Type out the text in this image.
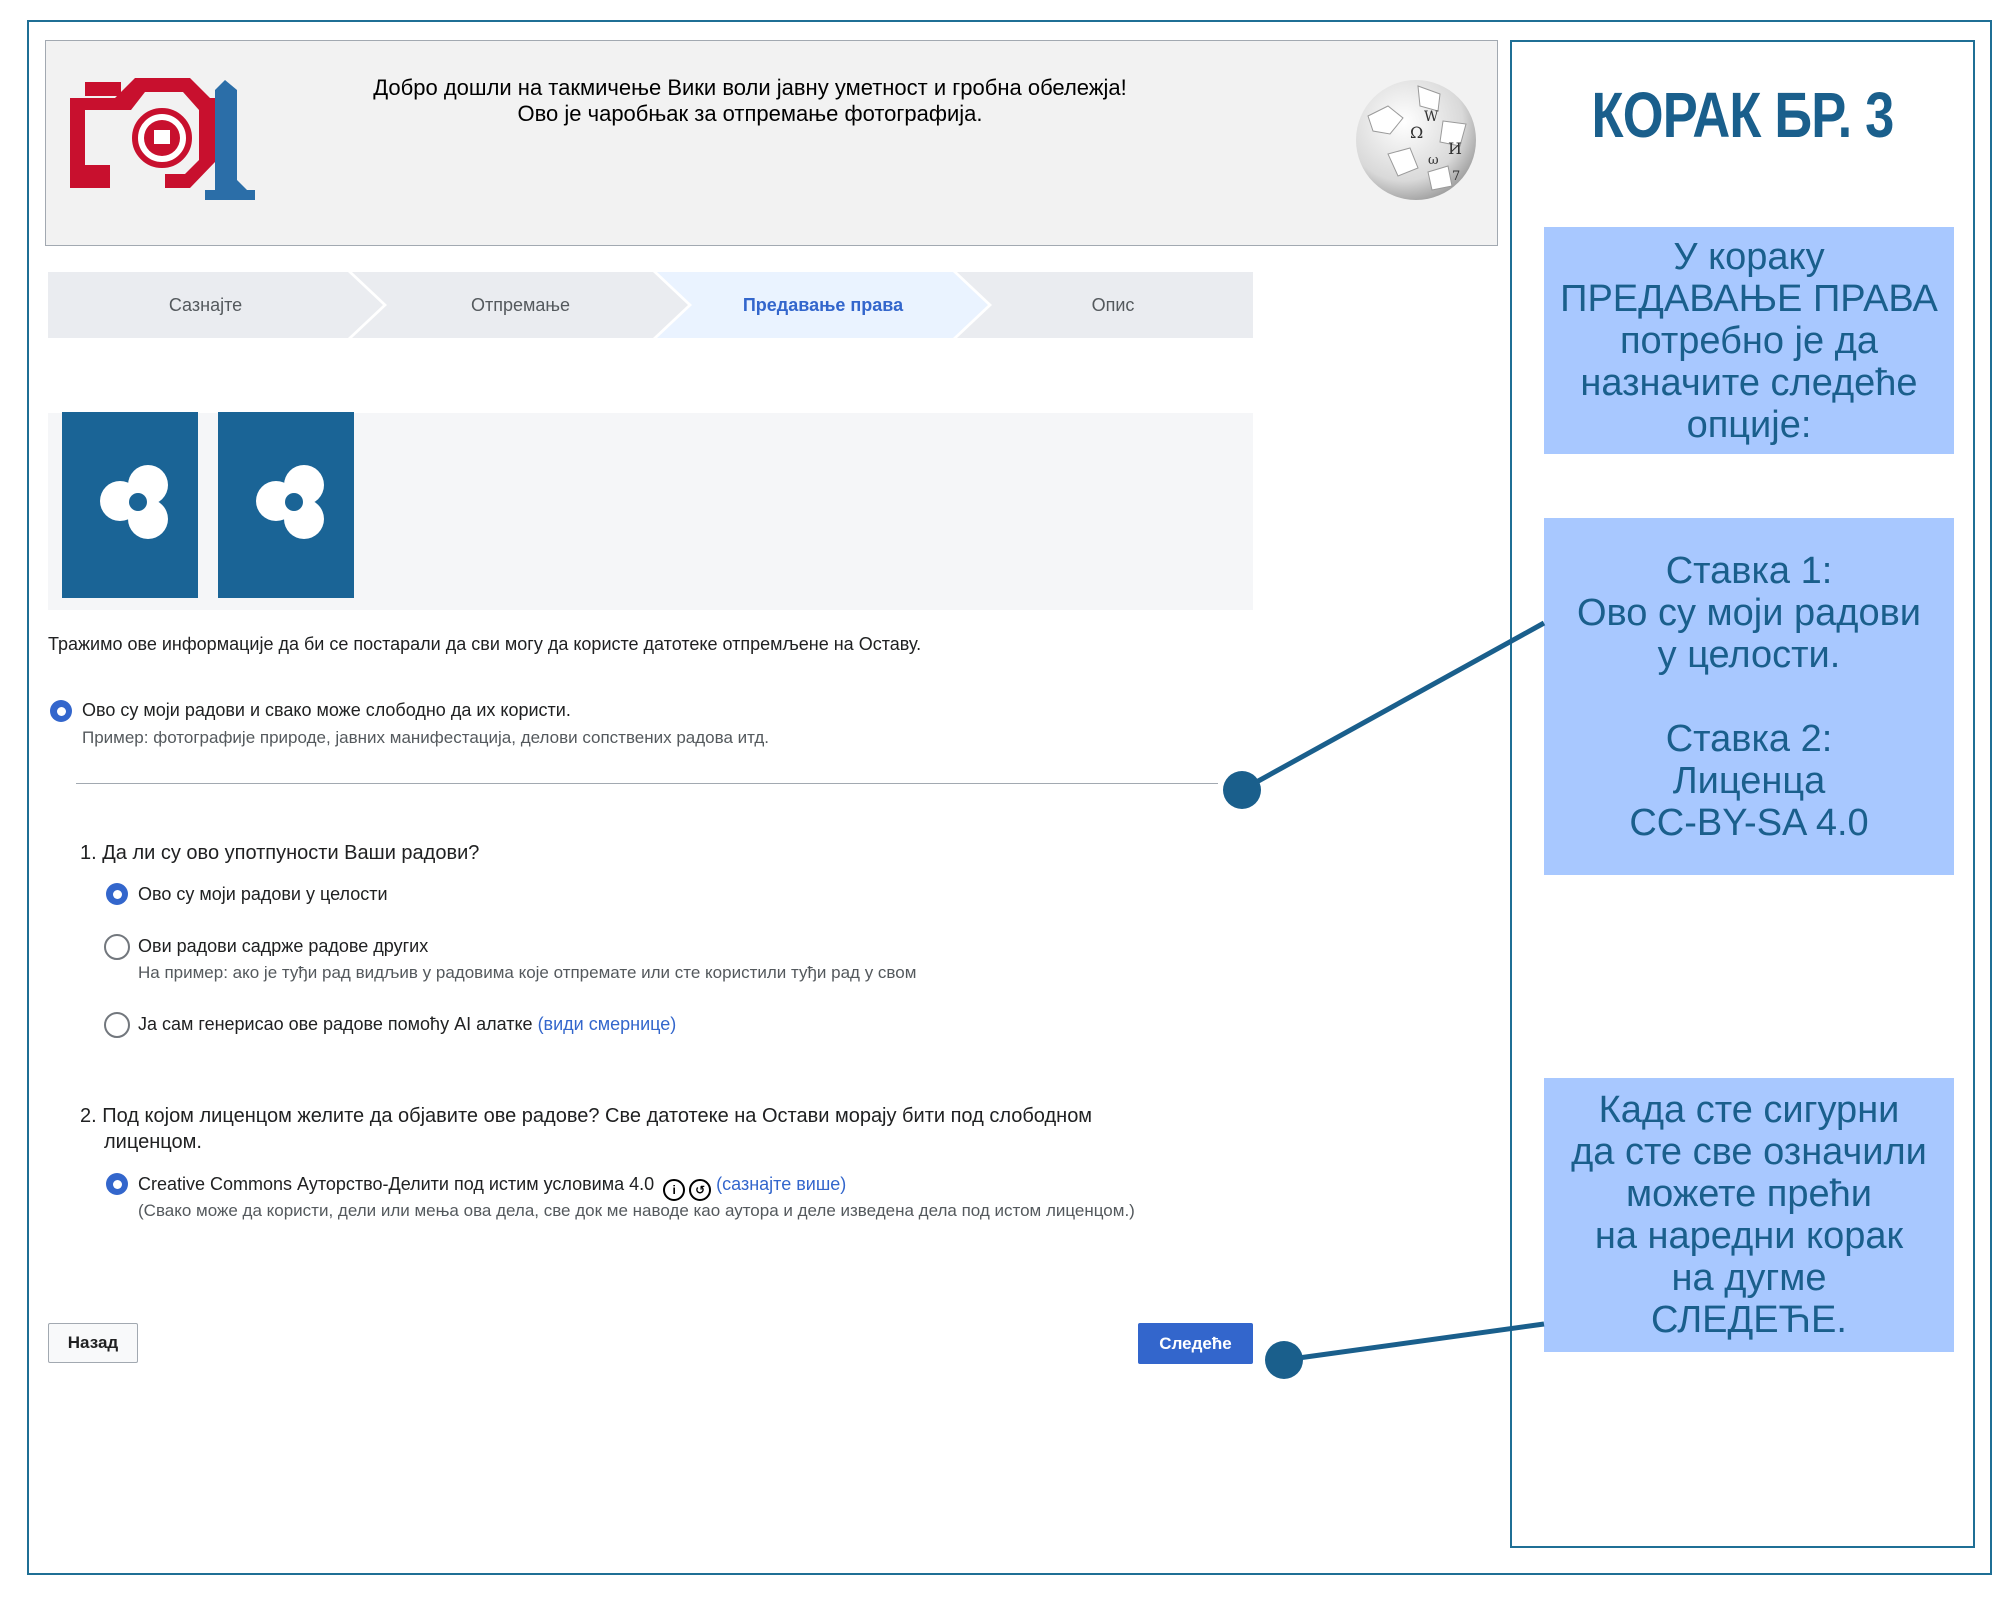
Добро дошли на такмичење Вики воли јавну уметност и гробна обележја!
Ово је чаробњак за отпремање фотографија.
Ω
W
И
ω
7
Сазнајте	Отпремање	Предавање права	Опис
Тражимо ове информације да би се постарали да сви могу да користе датотеке отпремљене на Оставу.
Ово су моји радови и свако може слободно да их користи.
Пример: фотографије природе, јавних манифестација, делови сопствених радова итд.
1. Да ли су ово употпуности Ваши радови?
Ово су моји радови у целости
Ови радови садрже радове других
На пример: ако је туђи рад видљив у радовима које отпремате или сте користили туђи рад у свом
Ја сам генерисао ове радове помоћу AI алатке (види смернице)
2. Под којом лиценцом желите да објавите ове радове? Све датотеке на Остави морају бити под слободном
лиценцом.
Creative Commons Ауторство-Делити под истим условима 4.0 i ↺ (сазнајте више)
(Свако може да користи, дели или мења ова дела, све док ме наводе као аутора и деле изведена дела под истом лиценцом.)
Назад	Следеће
КОРАК БР. 3
У кораку
ПРЕДАВАЊЕ ПРАВА
потребно је да
назначите следеће
опције:
Ставка 1:
Ово су моји радови
у целости.
Ставка 2:
Лиценца
CC-BY-SA 4.0
Када сте сигурни
да сте све означили
можете прећи
на наредни корак
на дугме
СЛЕДЕЋЕ.
